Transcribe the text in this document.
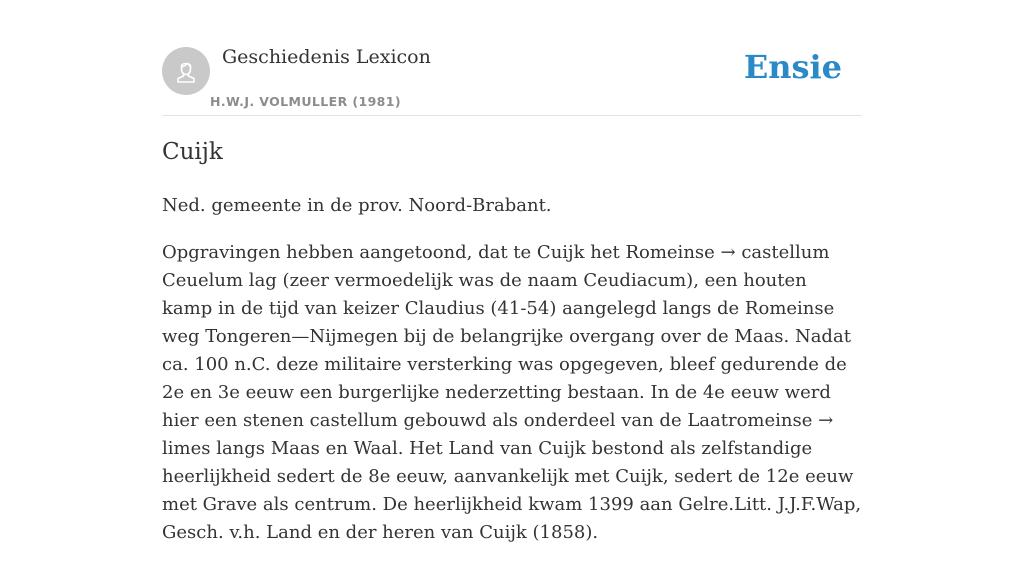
Geschiedenis Lexicon
H.W.J. VOLMULLER (1981)
Ensie
Cuijk

Ned. gemeente in de prov. Noord-Brabant.

Opgravingen hebben aangetoond, dat te Cuijk het Romeinse → castellum Ceuelum lag (zeer vermoedelijk was de naam Ceudiacum), een houten kamp in de tijd van keizer Claudius (41-54) aangelegd langs de Romeinse weg Tongeren—Nijmegen bij de belangrijke overgang over de Maas. Nadat ca. 100 n.C. deze militaire versterking was opgegeven, bleef gedurende de 2e en 3e eeuw een burgerlijke nederzetting bestaan. In de 4e eeuw werd hier een stenen castellum gebouwd als onderdeel van de Laatromeinse → limes langs Maas en Waal. Het Land van Cuijk bestond als zelfstandige heerlijkheid sedert de 8e eeuw, aanvankelijk met Cuijk, sedert de 12e eeuw met Grave als centrum. De heerlijkheid kwam 1399 aan Gelre.Litt. J.J.F.Wap, Gesch. v.h. Land en der heren van Cuijk (1858).
